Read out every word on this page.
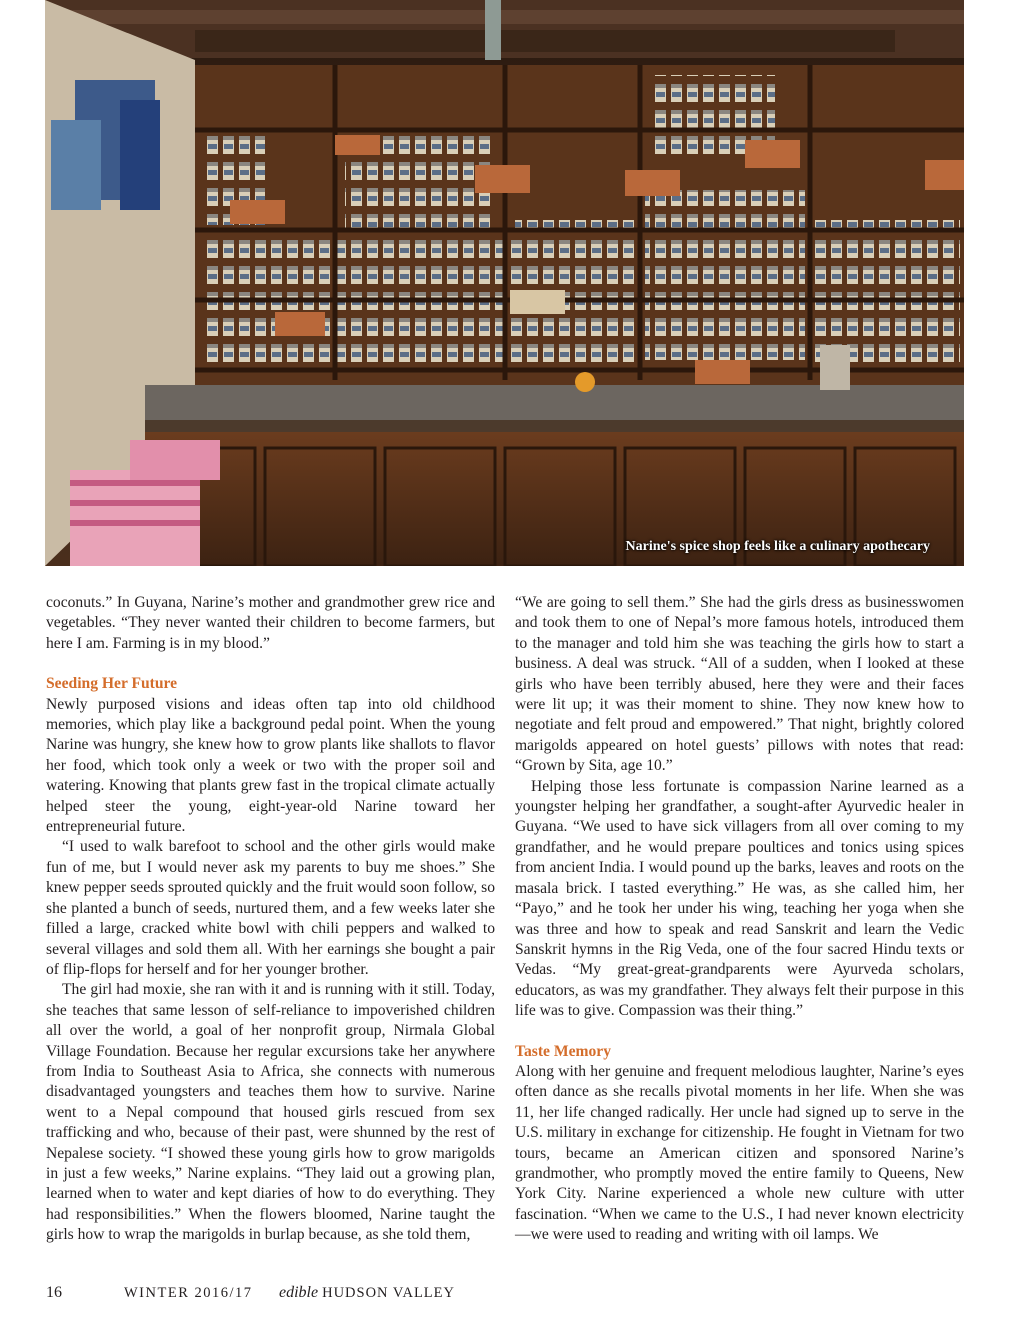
Narine's spice shop feels like a culinary apothecary

coconuts.” In Guyana, Narine’s mother and grandmother grew rice and vegetables. “They never wanted their children to become farmers, but here I am. Farming is in my blood.”

Seeding Her Future

Newly purposed visions and ideas often tap into old childhood memories, which play like a background pedal point. When the young Narine was hungry, she knew how to grow plants like shallots to flavor her food, which took only a week or two with the proper soil and watering. Knowing that plants grew fast in the tropical climate actually helped steer the young, eight-year-old Narine toward her entrepreneurial future.

“I used to walk barefoot to school and the other girls would make fun of me, but I would never ask my parents to buy me shoes.” She knew pepper seeds sprouted quickly and the fruit would soon follow, so she planted a bunch of seeds, nurtured them, and a few weeks later she filled a large, cracked white bowl with chili peppers and walked to several villages and sold them all. With her earnings she bought a pair of flip-flops for herself and for her younger brother.

The girl had moxie, she ran with it and is running with it still. Today, she teaches that same lesson of self-reliance to impoverished children all over the world, a goal of her nonprofit group, Nirmala Global Village Foundation. Because her regular excursions take her anywhere from India to Southeast Asia to Africa, she connects with numerous disadvantaged youngsters and teaches them how to survive. Narine went to a Nepal compound that housed girls rescued from sex trafficking and who, because of their past, were shunned by the rest of Nepalese society. “I showed these young girls how to grow marigolds in just a few weeks,” Narine explains. “They laid out a growing plan, learned when to water and kept diaries of how to do everything. They had responsibilities.” When the flowers bloomed, Narine taught the girls how to wrap the marigolds in burlap because, as she told them,

“We are going to sell them.” She had the girls dress as businesswomen and took them to one of Nepal’s more famous hotels, introduced them to the manager and told him she was teaching the girls how to start a business. A deal was struck. “All of a sudden, when I looked at these girls who have been terribly abused, here they were and their faces were lit up; it was their moment to shine. They now knew how to negotiate and felt proud and empowered.” That night, brightly colored marigolds appeared on hotel guests’ pillows with notes that read: “Grown by Sita, age 10.”

Helping those less fortunate is compassion Narine learned as a youngster helping her grandfather, a sought-after Ayurvedic healer in Guyana. “We used to have sick villagers from all over coming to my grandfather, and he would prepare poultices and tonics using spices from ancient India. I would pound up the barks, leaves and roots on the masala brick. I tasted everything.” He was, as she called him, her “Payo,” and he took her under his wing, teaching her yoga when she was three and how to speak and read Sanskrit and learn the Vedic Sanskrit hymns in the Rig Veda, one of the four sacred Hindu texts or Vedas. “My great-great-grandparents were Ayurveda scholars, educators, as was my grandfather. They always felt their purpose in this life was to give. Compassion was their thing.”

Taste Memory

Along with her genuine and frequent melodious laughter, Narine’s eyes often dance as she recalls pivotal moments in her life. When she was 11, her life changed radically. Her uncle had signed up to serve in the U.S. military in exchange for citizenship. He fought in Vietnam for two tours, became an American citizen and sponsored Narine’s grandmother, who promptly moved the entire family to Queens, New York City. Narine experienced a whole new culture with utter fascination. “When we came to the U.S., I had never known electricity—we were used to reading and writing with oil lamps. We

16	WINTER 2016/17 edible HUDSON VALLEY
